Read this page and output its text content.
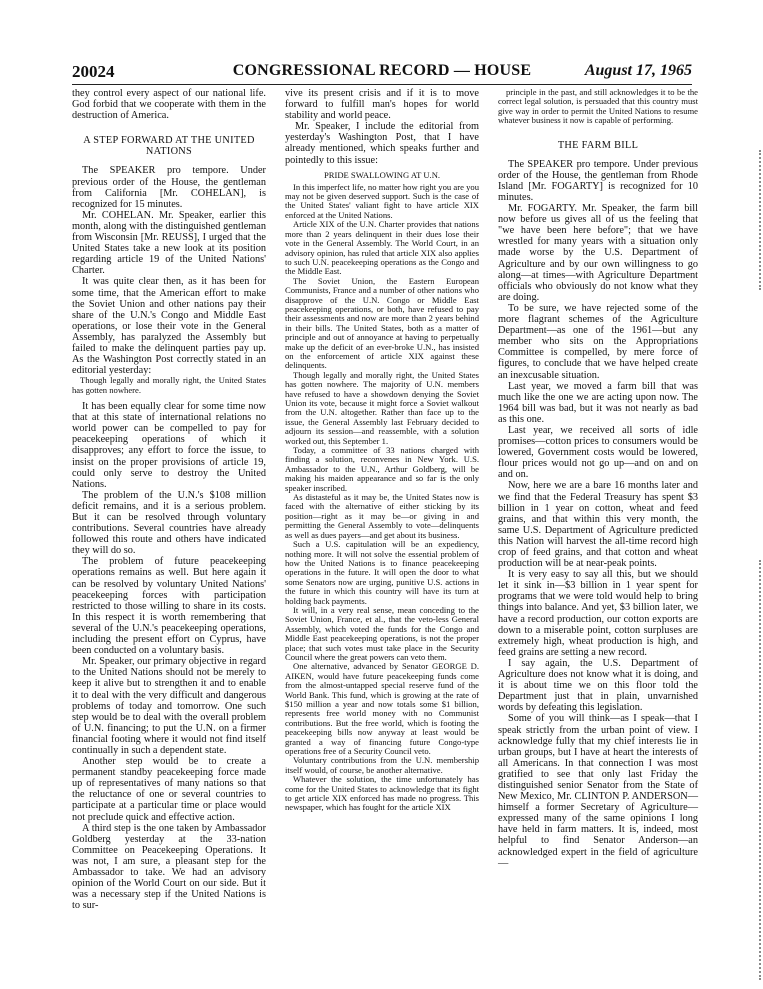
20024	CONGRESSIONAL RECORD — HOUSE	August 17, 1965

they control every aspect of our national life. God forbid that we cooperate with them in the destruction of America.

A STEP FORWARD AT THE UNITED NATIONS

The SPEAKER pro tempore. Under previous order of the House, the gentleman from California [Mr. COHELAN], is recognized for 15 minutes.

Mr. COHELAN. Mr. Speaker, earlier this month, along with the distinguished gentleman from Wisconsin [Mr. REUSS], I urged that the United States take a new look at its position regarding article 19 of the United Nations' Charter.

It was quite clear then, as it has been for some time, that the American effort to make the Soviet Union and other nations pay their share of the U.N.'s Congo and Middle East operations, or lose their vote in the General Assembly, has paralyzed the Assembly but failed to make the delinquent parties pay up. As the Washington Post correctly stated in an editorial yesterday:

Though legally and morally right, the United States has gotten nowhere.

It has been equally clear for some time now that at this state of international relations no world power can be compelled to pay for peacekeeping operations of which it disapproves; any effort to force the issue, to insist on the proper provisions of article 19, could only serve to destroy the United Nations.

The problem of the U.N.'s $108 million deficit remains, and it is a serious problem. But it can be resolved through voluntary contributions. Several countries have already followed this route and others have indicated they will do so.

The problem of future peacekeeping operations remains as well. But here again it can be resolved by voluntary United Nations' peacekeeping forces with participation restricted to those willing to share in its costs. In this respect it is worth remembering that several of the U.N.'s peacekeeping operations, including the present effort on Cyprus, have been conducted on a voluntary basis.

Mr. Speaker, our primary objective in regard to the United Nations should not be merely to keep it alive but to strengthen it and to enable it to deal with the very difficult and dangerous problems of today and tomorrow. One such step would be to deal with the overall problem of U.N. financing; to put the U.N. on a firmer financial footing where it would not find itself continually in such a dependent state.

Another step would be to create a permanent standby peacekeeping force made up of representatives of many nations so that the reluctance of one or several countries to participate at a particular time or place would not preclude quick and effective action.

A third step is the one taken by Ambassador Goldberg yesterday at the 33-nation Committee on Peacekeeping Operations. It was not, I am sure, a pleasant step for the Ambassador to take. We had an advisory opinion of the World Court on our side. But it was a necessary step if the United Nations is to sur-

vive its present crisis and if it is to move forward to fulfill man's hopes for world stability and world peace.

Mr. Speaker, I include the editorial from yesterday's Washington Post, that I have already mentioned, which speaks further and pointedly to this issue:

PRIDE SWALLOWING AT U.N.

In this imperfect life, no matter how right you are you may not be given deserved support. Such is the case of the United States' valiant fight to have article XIX enforced at the United Nations.

Article XIX of the U.N. Charter provides that nations more than 2 years delinquent in their dues lose their vote in the General Assembly. The World Court, in an advisory opinion, has ruled that article XIX also applies to such U.N. peacekeeping operations as the Congo and the Middle East.

The Soviet Union, the Eastern European Communists, France and a number of other nations who disapprove of the U.N. Congo or Middle East peacekeeping operations, or both, have refused to pay their assessments and now are more than 2 years behind in their bills. The United States, both as a matter of principle and out of annoyance at having to perpetually make up the deficit of an ever-broke U.N., has insisted on the enforcement of article XIX against these delinquents.

Though legally and morally right, the United States has gotten nowhere. The majority of U.N. members have refused to have a showdown denying the Soviet Union its vote, because it might force a Soviet walkout from the U.N. altogether. Rather than face up to the issue, the General Assembly last February decided to adjourn its session—and reassemble, with a solution worked out, this September 1.

Today, a committee of 33 nations charged with finding a solution, reconvenes in New York. U.S. Ambassador to the U.N., Arthur Goldberg, will be making his maiden appearance and so far is the only speaker inscribed.

As distasteful as it may be, the United States now is faced with the alternative of either sticking by its position—right as it may be—or giving in and permitting the General Assembly to vote—delinquents as well as dues payers—and get about its business.

Such a U.S. capitulation will be an expediency, nothing more. It will not solve the essential problem of how the United Nations is to finance peacekeeping operations in the future. It will open the door to what some Senators now are urging, punitive U.S. actions in the future in which this country will have its turn at holding back payments.

It will, in a very real sense, mean conceding to the Soviet Union, France, et al., that the veto-less General Assembly, which voted the funds for the Congo and Middle East peacekeeping operations, is not the proper place; that such votes must take place in the Security Council where the great powers can veto them.

One alternative, advanced by Senator GEORGE D. AIKEN, would have future peacekeeping funds come from the almost-untapped special reserve fund of the World Bank. This fund, which is growing at the rate of $150 million a year and now totals some $1 billion, represents free world money with no Communist contributions. But the free world, which is footing the peacekeeping bills now anyway at least would be granted a way of financing future Congo-type operations free of a Security Council veto.

Voluntary contributions from the U.N. membership itself would, of course, be another alternative.

Whatever the solution, the time unfortunately has come for the United States to acknowledge that its fight to get article XIX enforced has made no progress. This newspaper, which has fought for the article XIX

principle in the past, and still acknowledges it to be the correct legal solution, is persuaded that this country must give way in order to permit the United Nations to resume whatever business it now is capable of performing.

THE FARM BILL

The SPEAKER pro tempore. Under previous order of the House, the gentleman from Rhode Island [Mr. FOGARTY] is recognized for 10 minutes.

Mr. FOGARTY. Mr. Speaker, the farm bill now before us gives all of us the feeling that "we have been here before"; that we have wrestled for many years with a situation only made worse by the U.S. Department of Agriculture and by our own willingness to go along—at times—with Agriculture Department officials who obviously do not know what they are doing.

To be sure, we have rejected some of the more flagrant schemes of the Agriculture Department—as one of the 1961—but any member who sits on the Appropriations Committee is compelled, by mere force of figures, to conclude that we have helped create an inexcusable situation.

Last year, we moved a farm bill that was much like the one we are acting upon now. The 1964 bill was bad, but it was not nearly as bad as this one.

Last year, we received all sorts of idle promises—cotton prices to consumers would be lowered, Government costs would be lowered, flour prices would not go up—and on and on and on.

Now, here we are a bare 16 months later and we find that the Federal Treasury has spent $3 billion in 1 year on cotton, wheat and feed grains, and that within this very month, the same U.S. Department of Agriculture predicted this Nation will harvest the all-time record high crop of feed grains, and that cotton and wheat production will be at near-peak points.

It is very easy to say all this, but we should let it sink in—$3 billion in 1 year spent for programs that we were told would help to bring things into balance. And yet, $3 billion later, we have a record production, our cotton exports are down to a miserable point, cotton surpluses are extremely high, wheat production is high, and feed grains are setting a new record.

I say again, the U.S. Department of Agriculture does not know what it is doing, and it is about time we on this floor told the Department just that in plain, unvarnished words by defeating this legislation.

Some of you will think—as I speak—that I speak strictly from the urban point of view. I acknowledge fully that my chief interests lie in urban groups, but I have at heart the interests of all Americans. In that connection I was most gratified to see that only last Friday the distinguished senior Senator from the State of New Mexico, Mr. CLINTON P. ANDERSON—himself a former Secretary of Agriculture—expressed many of the same opinions I long have held in farm matters. It is, indeed, most helpful to find Senator Anderson—an acknowledged expert in the field of agriculture—
